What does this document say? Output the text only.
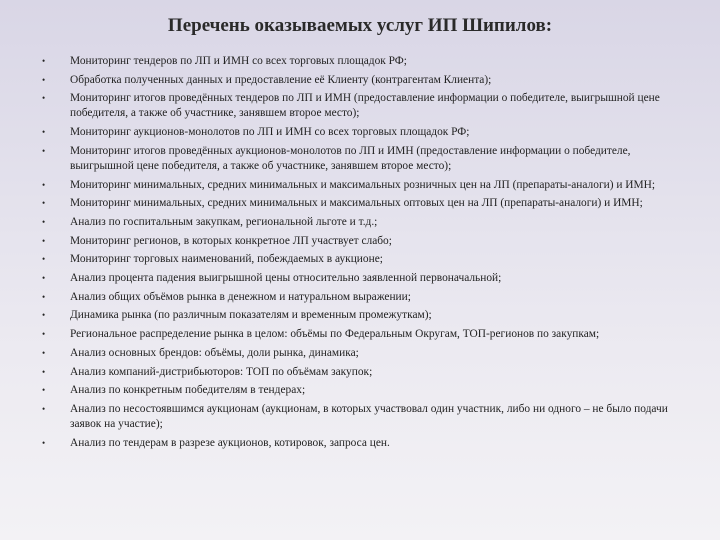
Перечень оказываемых услуг ИП Шипилов:
• Мониторинг тендеров по ЛП и ИМН со всех торговых площадок РФ;
• Обработка полученных данных и предоставление её Клиенту (контрагентам Клиента);
• Мониторинг итогов проведённых тендеров по ЛП и ИМН (предоставление информации о победителе, выигрышной цене победителя, а также об участнике, занявшем второе место);
• Мониторинг аукционов-монолотов по ЛП и ИМН со всех торговых площадок РФ;
• Мониторинг итогов проведённых аукционов-монолотов по ЛП и ИМН (предоставление информации о победителе, выигрышной цене победителя, а также об участнике, занявшем второе место);
• Мониторинг минимальных, средних минимальных и максимальных розничных цен на ЛП (препараты-аналоги) и ИМН;
• Мониторинг минимальных, средних минимальных и максимальных оптовых цен на ЛП (препараты-аналоги) и ИМН;
• Анализ по госпитальным закупкам, региональной льготе и т.д.;
• Мониторинг регионов, в которых конкретное ЛП участвует слабо;
• Мониторинг торговых наименований, побеждаемых в аукционе;
• Анализ процента падения выигрышной цены относительно заявленной первоначальной;
• Анализ общих объёмов рынка в денежном и натуральном выражении;
• Динамика рынка (по различным показателям и временным промежуткам);
• Региональное распределение рынка в целом: объёмы по Федеральным Округам, ТОП-регионов по закупкам;
• Анализ основных брендов: объёмы, доли рынка, динамика;
• Анализ компаний-дистрибьюторов: ТОП по объёмам закупок;
• Анализ по конкретным победителям в тендерах;
• Анализ по несостоявшимся аукционам (аукционам, в которых участвовал один участник, либо ни одного – не было подачи заявок на участие);
• Анализ по тендерам в разрезе аукционов, котировок, запроса цен.
